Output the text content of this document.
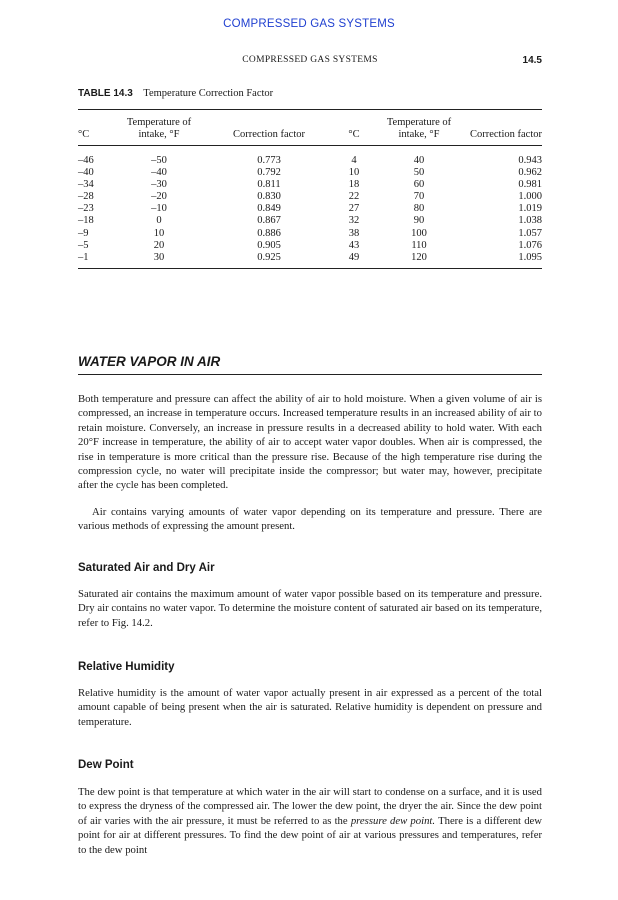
COMPRESSED GAS SYSTEMS
COMPRESSED GAS SYSTEMS	14.5
TABLE 14.3 Temperature Correction Factor
	Temperature of			Temperature of	
°C	intake, °F	Correction factor	°C	intake, °F	Correction factor
–46	–50	0.773	4	40	0.943
–40	–40	0.792	10	50	0.962
–34	–30	0.811	18	60	0.981
–28	–20	0.830	22	70	1.000
–23	–10	0.849	27	80	1.019
–18	0	0.867	32	90	1.038
–9	10	0.886	38	100	1.057
–5	20	0.905	43	110	1.076
–1	30	0.925	49	120	1.095
WATER VAPOR IN AIR

Both temperature and pressure can affect the ability of air to hold moisture. When a given volume of air is compressed, an increase in temperature occurs. Increased temperature results in an increased ability of air to retain moisture. Conversely, an increase in pressure results in a decreased ability to hold water. With each 20°F increase in temperature, the ability of air to accept water vapor doubles. When air is compressed, the rise in temperature is more critical than the pressure rise. Because of the high temperature rise during the compression cycle, no water will precipitate inside the compressor; but water may, however, precipitate after the cycle has been completed.

Air contains varying amounts of water vapor depending on its temperature and pressure. There are various methods of expressing the amount present.

Saturated Air and Dry Air

Saturated air contains the maximum amount of water vapor possible based on its temperature and pressure. Dry air contains no water vapor. To determine the moisture content of saturated air based on its temperature, refer to Fig. 14.2.

Relative Humidity

Relative humidity is the amount of water vapor actually present in air expressed as a percent of the total amount capable of being present when the air is saturated. Relative humidity is dependent on pressure and temperature.

Dew Point

The dew point is that temperature at which water in the air will start to condense on a surface, and it is used to express the dryness of the compressed air. The lower the dew point, the dryer the air. Since the dew point of air varies with the air pressure, it must be referred to as the pressure dew point. There is a different dew point for air at different pressures. To find the dew point of air at various pressures and temperatures, refer to the dew point
